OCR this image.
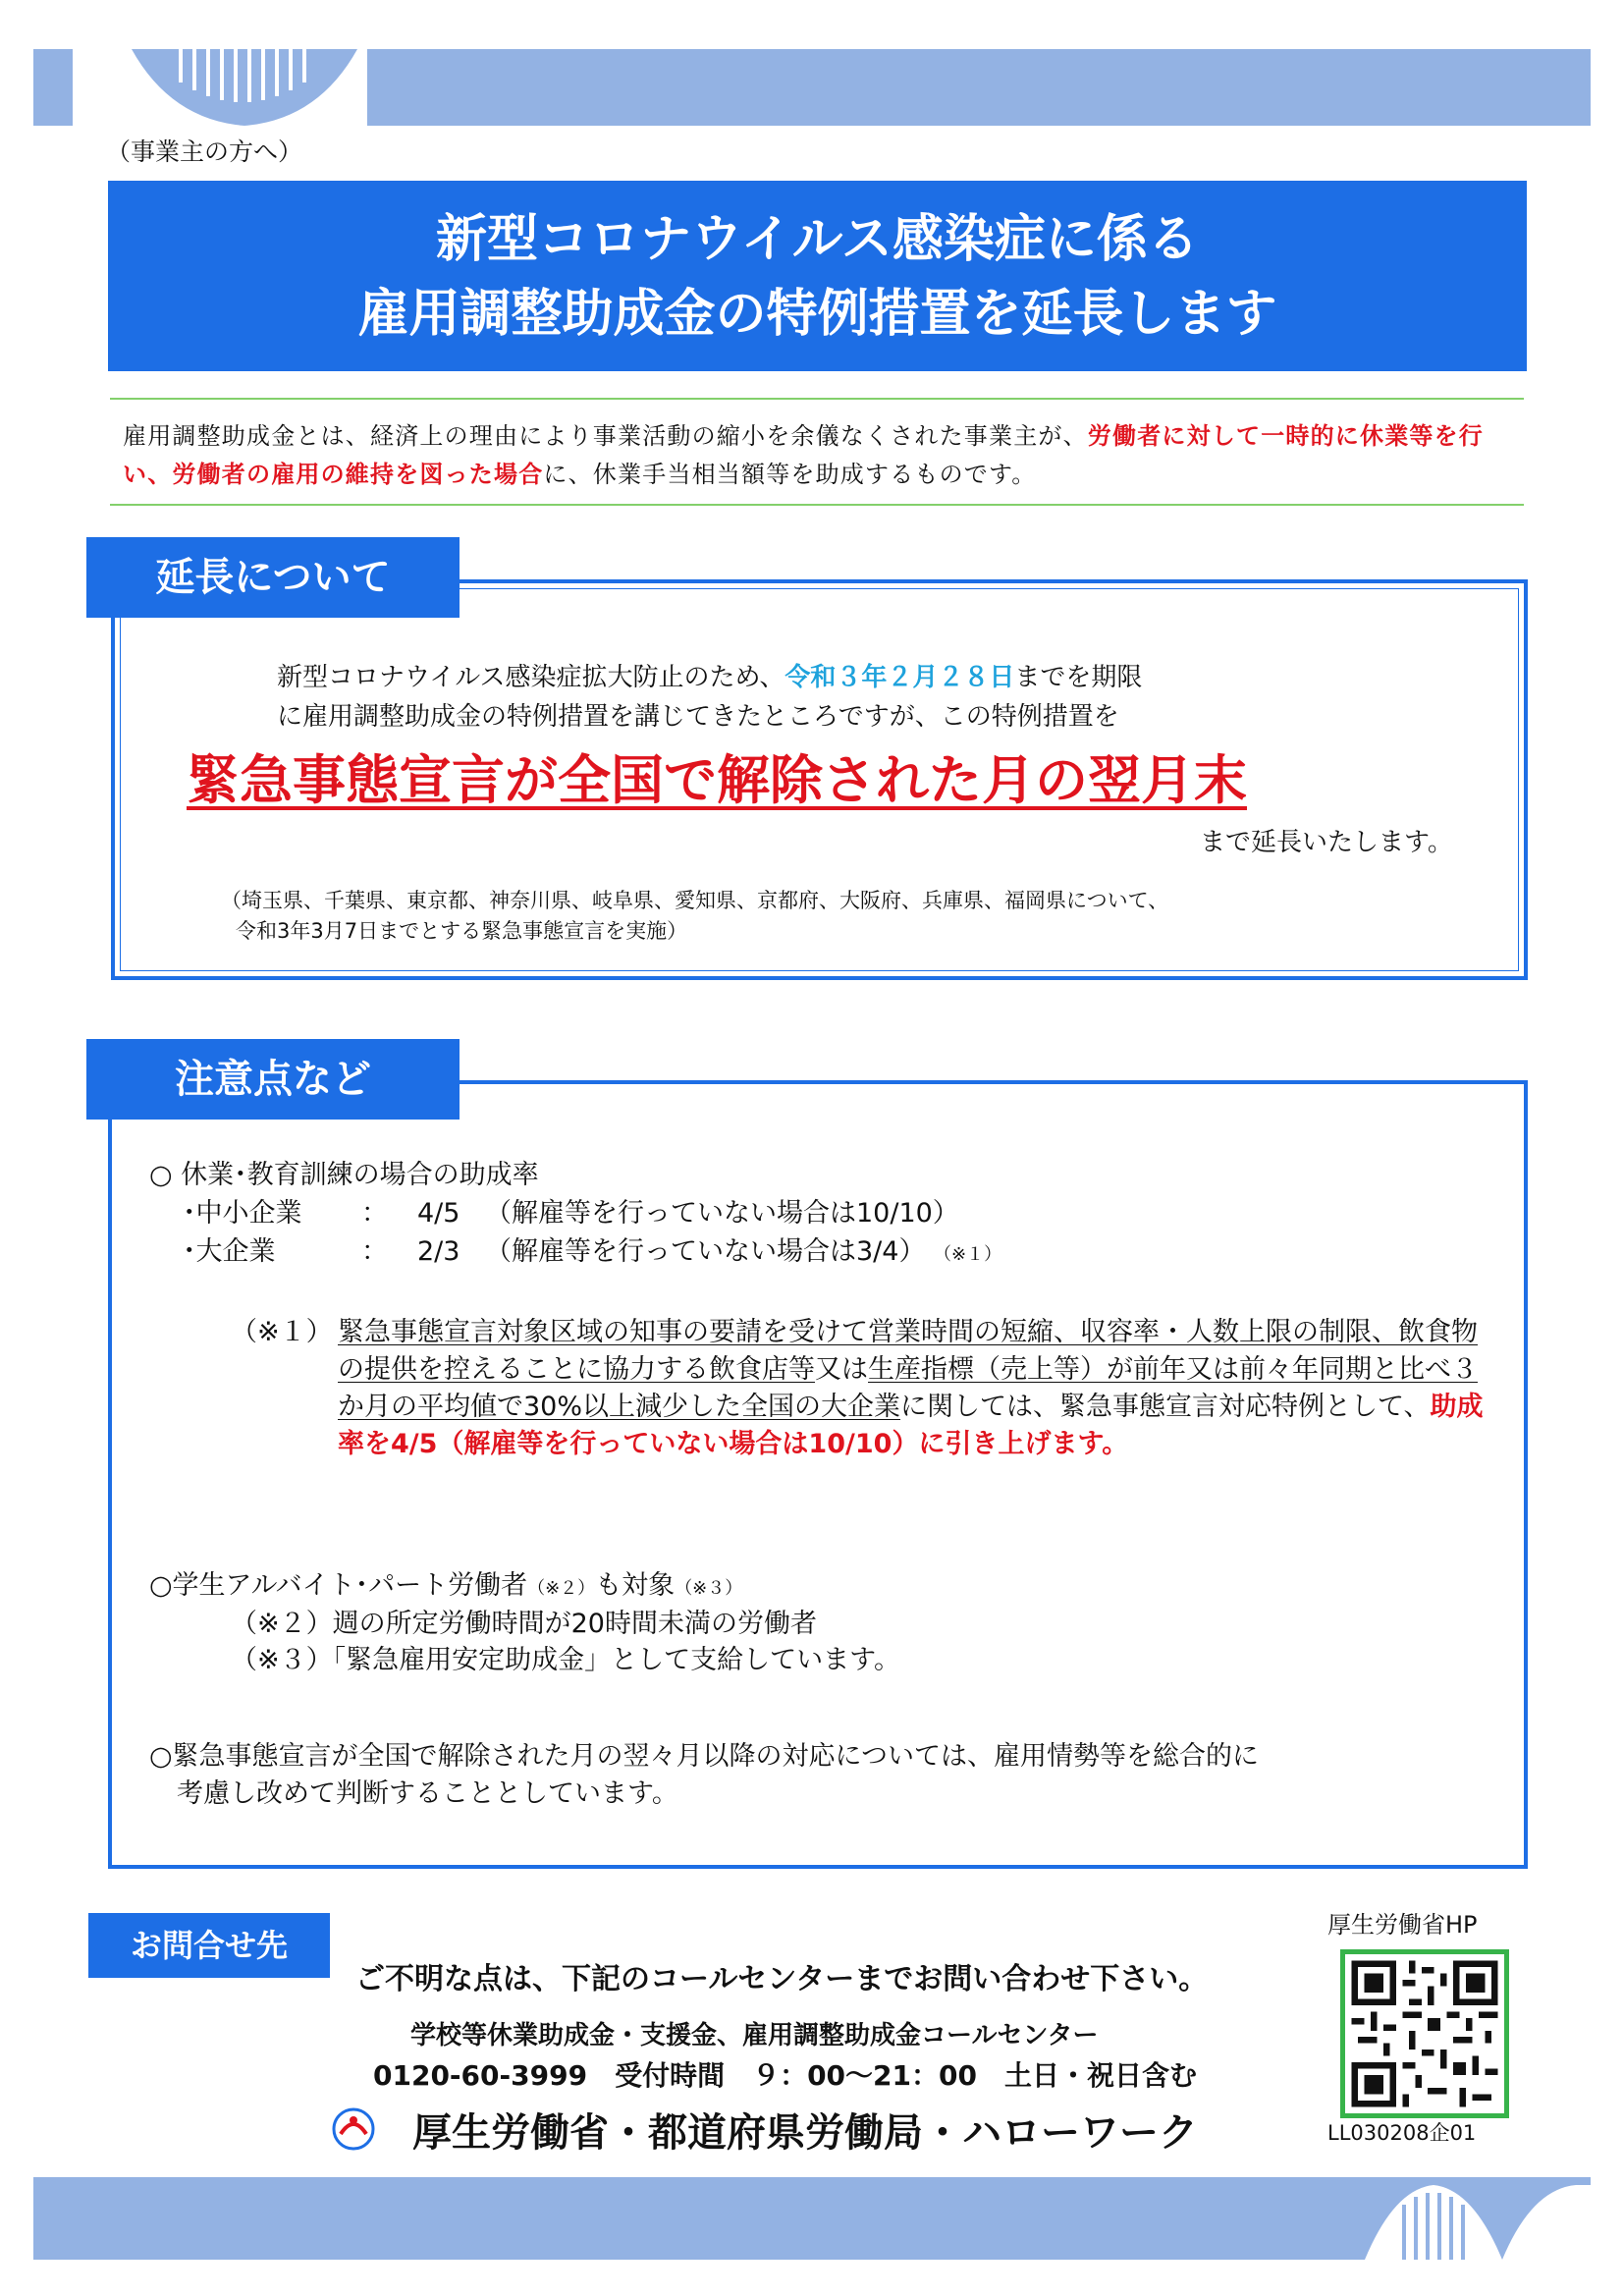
（事業主の方へ）
新型コロナウイルス感染症に係る
雇用調整助成金の特例措置を延長します
雇用調整助成金とは、経済上の理由により事業活動の縮小を余儀なくされた事業主が、労働者に対して一時的に休業等を行い、労働者の雇用の維持を図った場合に、休業手当相当額等を助成するものです。
延長について
新型コロナウイルス感染症拡大防止のため、令和３年２月２８日までを期限
に雇用調整助成金の特例措置を講じてきたところですが、この特例措置を
緊急事態宣言が全国で解除された月の翌月末
まで延長いたします。
（埼玉県、千葉県、東京都、神奈川県、岐阜県、愛知県、京都府、大阪府、兵庫県、福岡県について、
令和3年3月7日までとする緊急事態宣言を実施）
注意点など
○ 休業･教育訓練の場合の助成率
･中小企業 ： 4/5 （解雇等を行っていない場合は10/10）
･大企業	： 2/3 （解雇等を行っていない場合は3/4） （※１）
（※１） 緊急事態宣言対象区域の知事の要請を受けて営業時間の短縮、収容率・人数上限の制限、飲食物の提供を控えることに協力する飲食店等又は生産指標（売上等）が前年又は前々年同期と比べ３か月の平均値で30%以上減少した全国の大企業に関しては、緊急事態宣言対応特例として、助成率を4/5（解雇等を行っていない場合は10/10）に引き上げます。
○学生アルバイト･パート労働者（※２）も対象（※３）
（※２）週の所定労働時間が20時間未満の労働者
（※３）「緊急雇用安定助成金」として支給しています。
○緊急事態宣言が全国で解除された月の翌々月以降の対応については、雇用情勢等を総合的に
考慮し改めて判断することとしています。
お問合せ先
ご不明な点は、下記のコールセンターまでお問い合わせ下さい。
学校等休業助成金・支援金、雇用調整助成金コールセンター
0120-60-3999　受付時間　９：00～21：00　土日・祝日含む
厚生労働省・都道府県労働局・ハローワーク
厚生労働省HP
LL030208企01
